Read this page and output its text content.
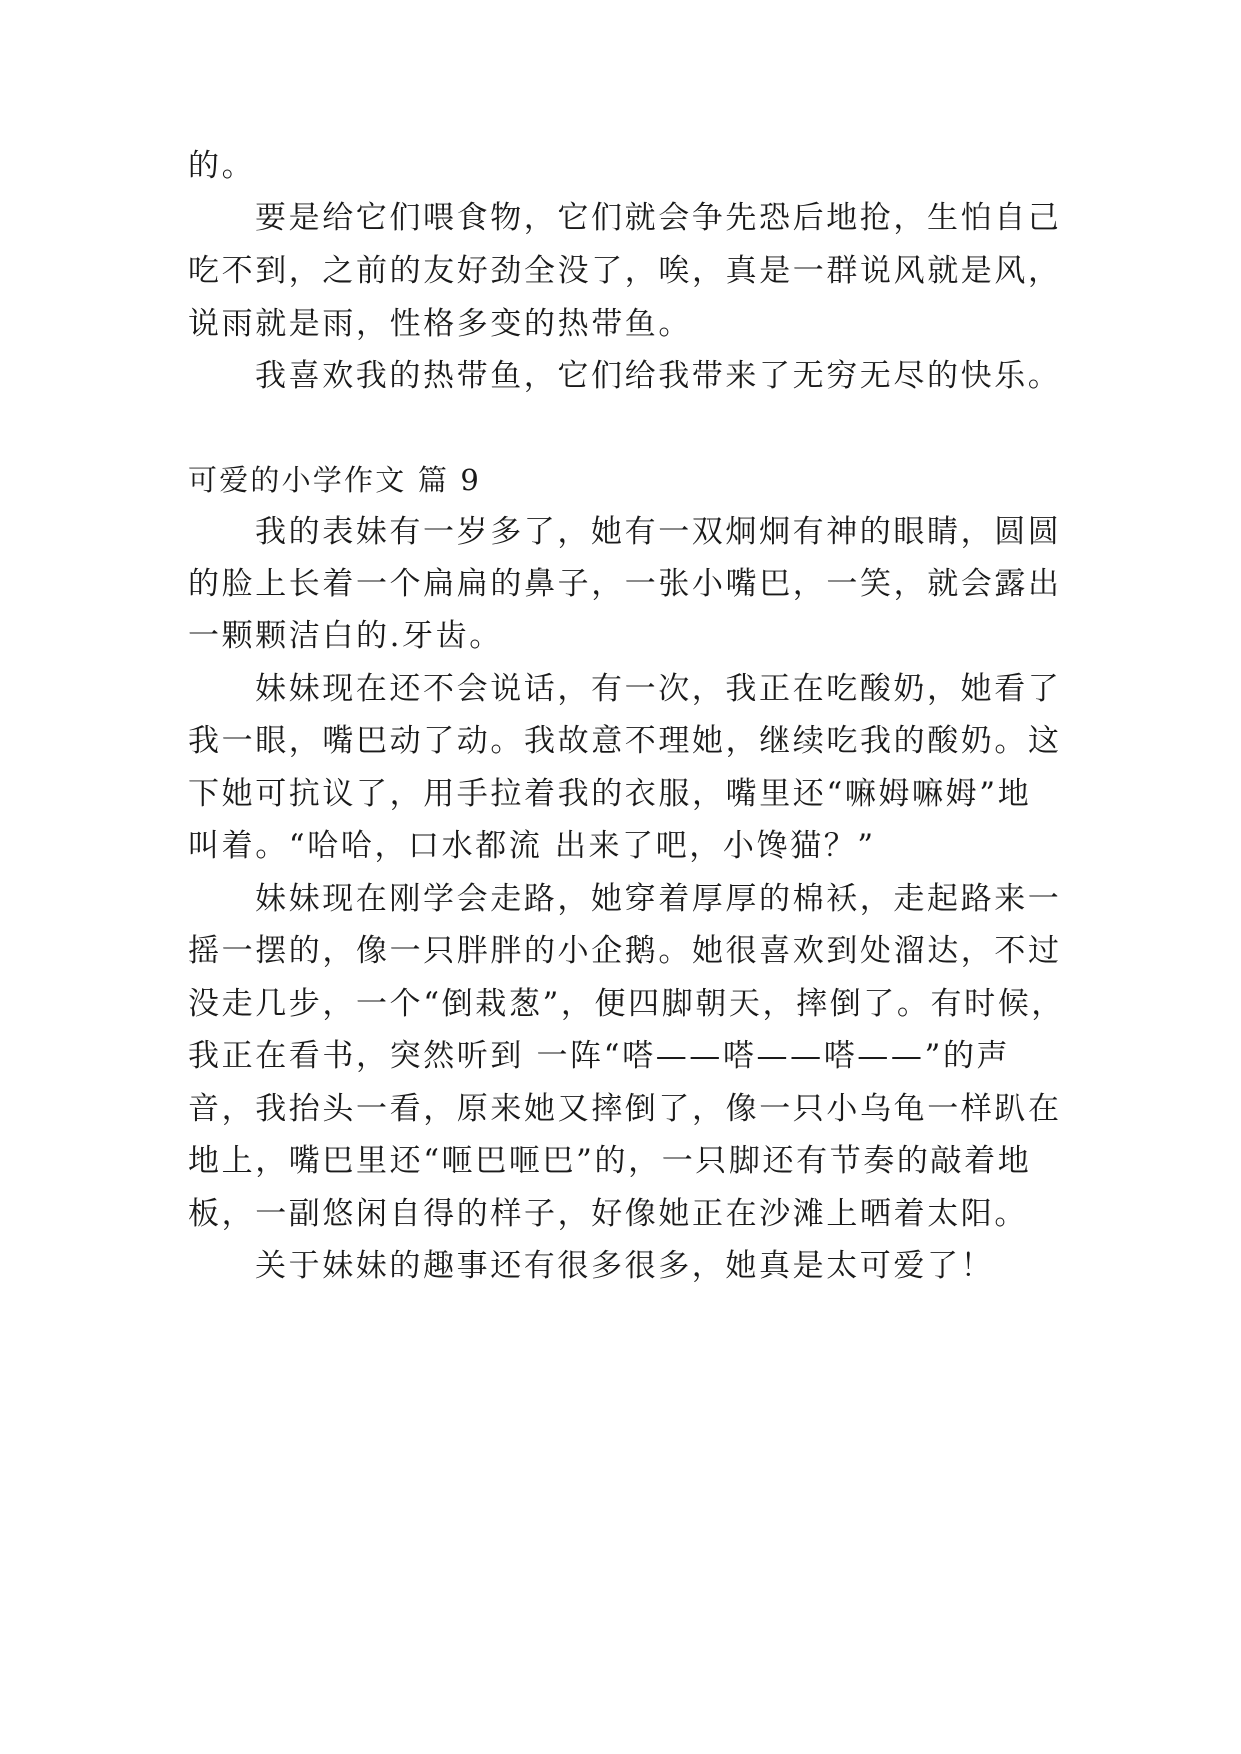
的。
要是给它们喂食物，它们就会争先恐后地抢，生怕自己
吃不到，之前的友好劲全没了，唉，真是一群说风就是风，
说雨就是雨，性格多变的热带鱼。
我喜欢我的热带鱼，它们给我带来了无穷无尽的快乐。
可爱的小学作文 篇 9
我的表妹有一岁多了，她有一双炯炯有神的眼睛，圆圆
的脸上长着一个扁扁的鼻子，一张小嘴巴，一笑，就会露出
一颗颗洁白的.牙齿。
妹妹现在还不会说话，有一次，我正在吃酸奶，她看了
我一眼，嘴巴动了动。我故意不理她，继续吃我的酸奶。这
下她可抗议了，用手拉着我的衣服，嘴里还“嘛姆嘛姆”地
叫着。“哈哈，口水都流 出来了吧，小馋猫？”
妹妹现在刚学会走路，她穿着厚厚的棉袄，走起路来一
摇一摆的，像一只胖胖的小企鹅。她很喜欢到处溜达，不过
没走几步，一个“倒栽葱”，便四脚朝天，摔倒了。有时候，
我正在看书，突然听到 一阵“嗒——嗒——嗒——”的声
音，我抬头一看，原来她又摔倒了，像一只小乌龟一样趴在
地上，嘴巴里还“咂巴咂巴”的，一只脚还有节奏的敲着地
板，一副悠闲自得的样子，好像她正在沙滩上晒着太阳。
关于妹妹的趣事还有很多很多，她真是太可爱了！
